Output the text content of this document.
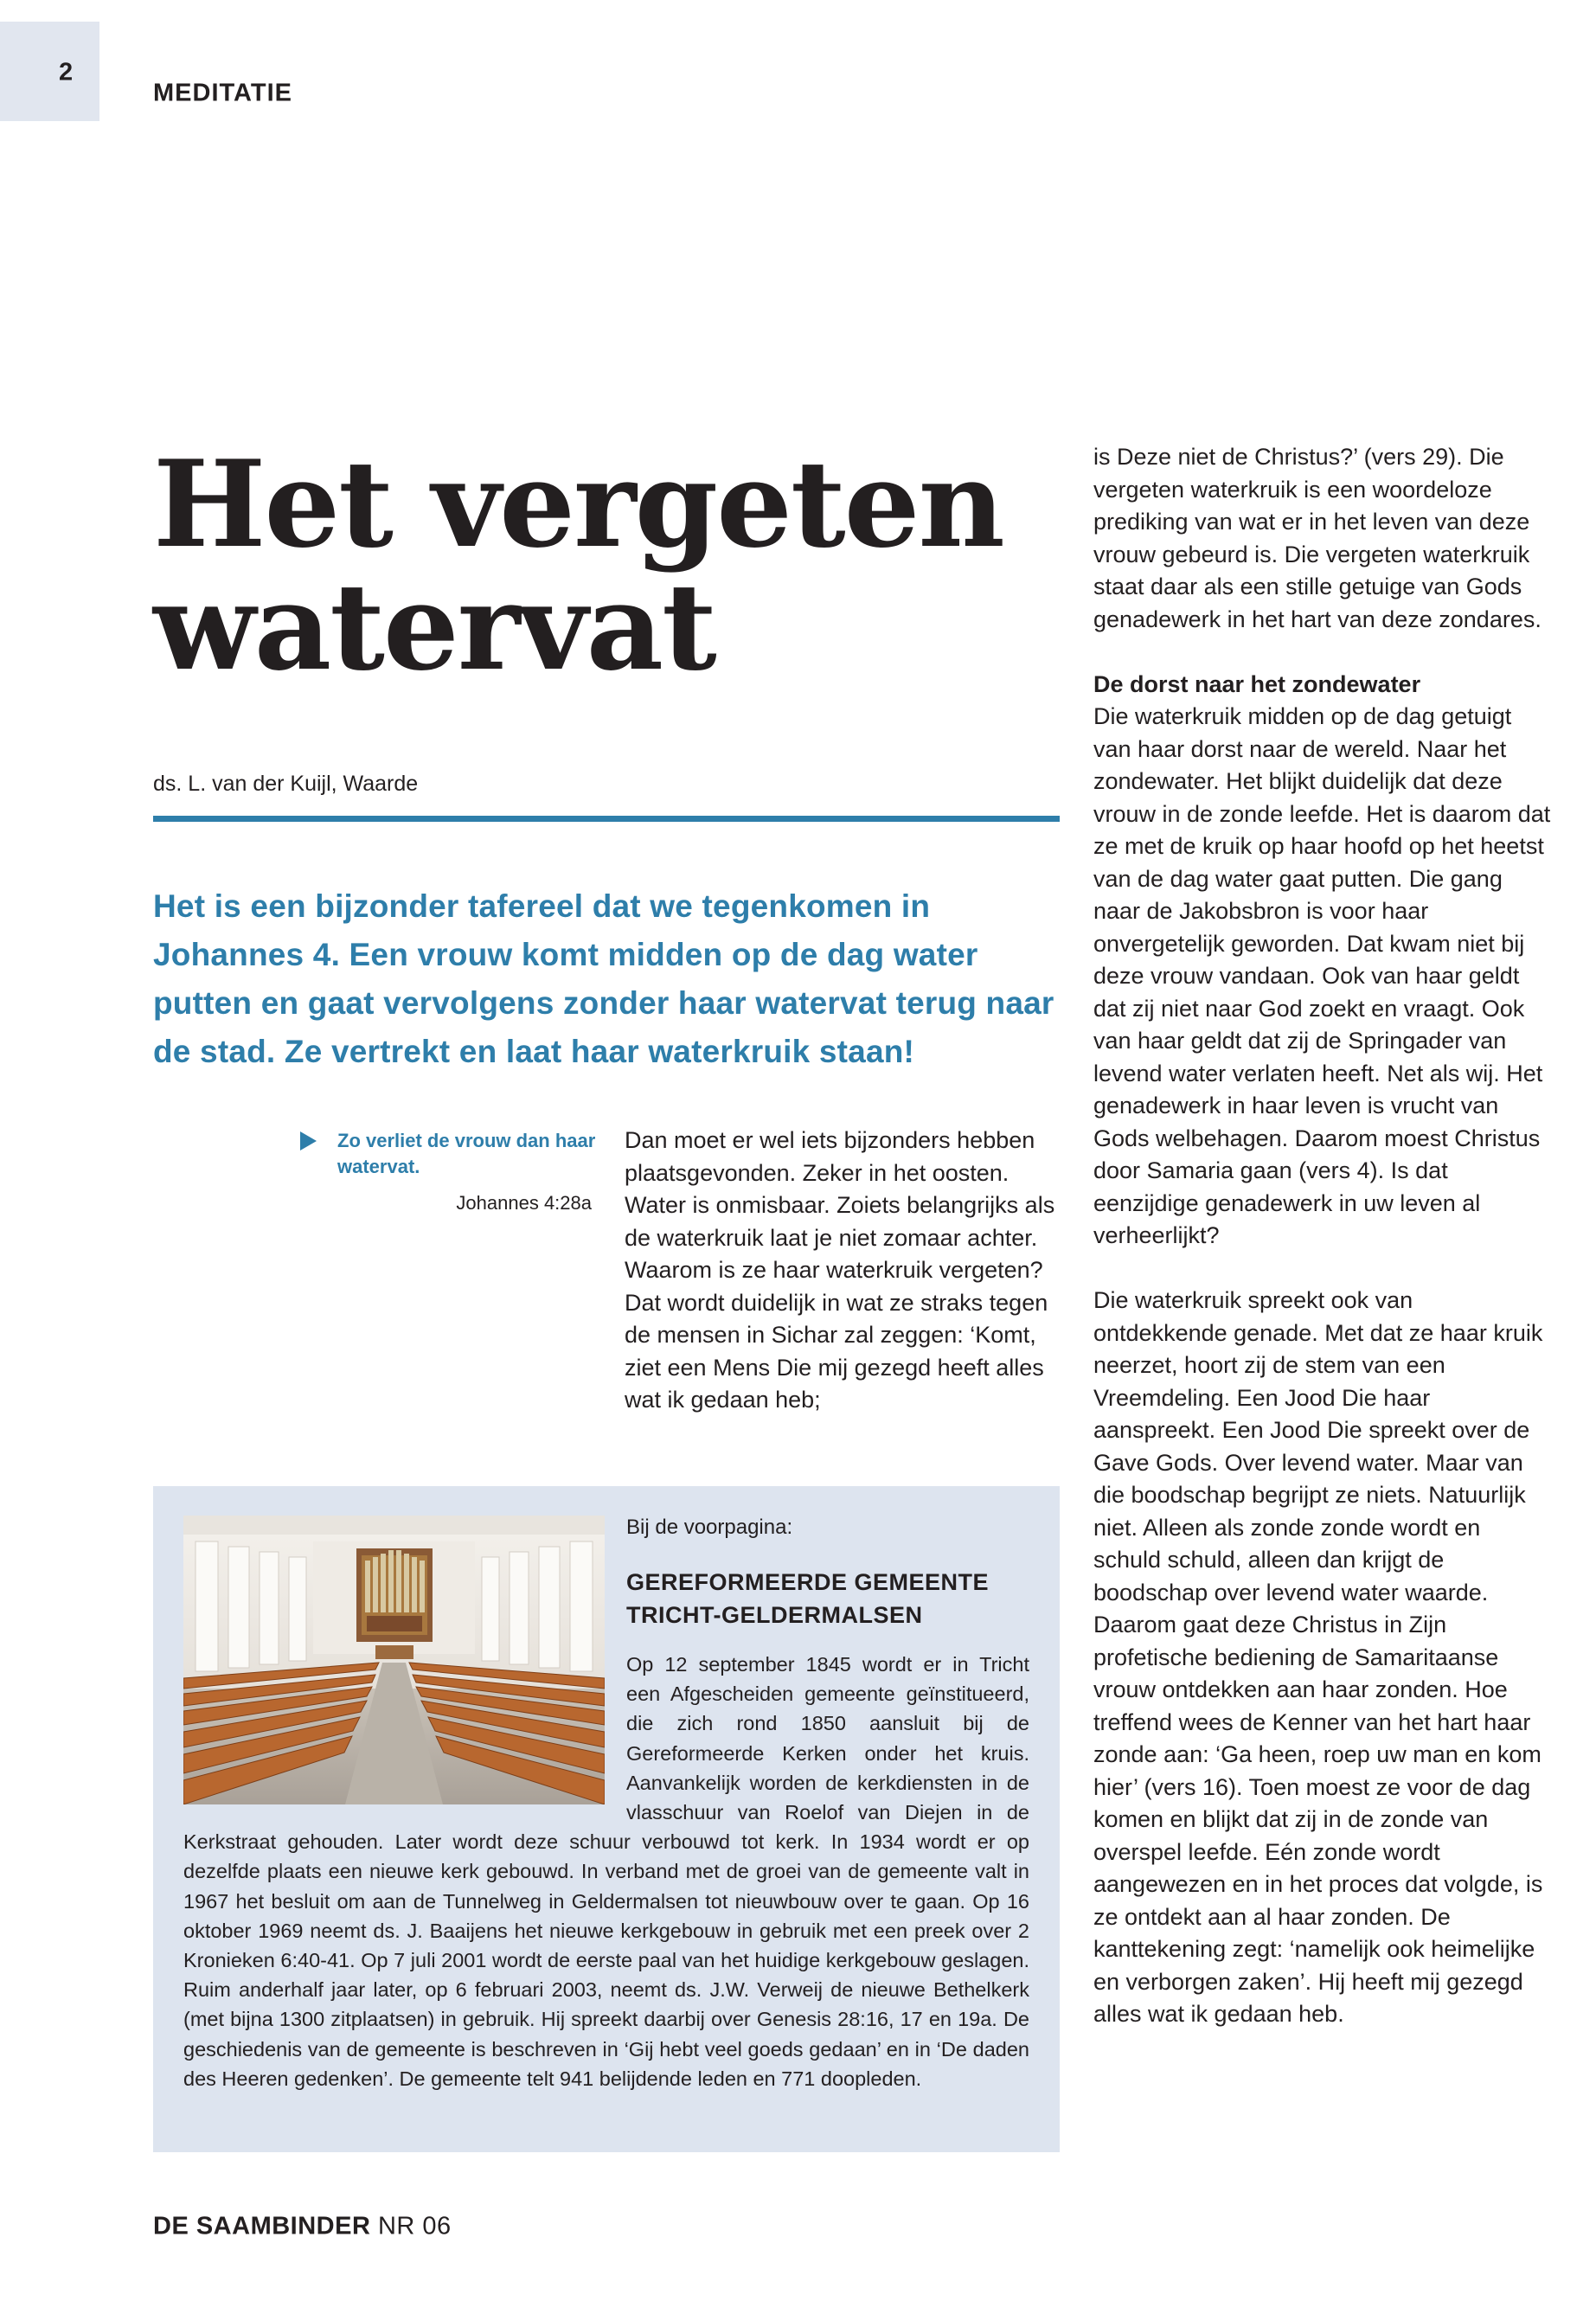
2
MEDITATIE
Het vergeten
watervat
ds. L. van der Kuijl, Waarde
Het is een bijzonder tafereel dat we tegenkomen in Johannes 4. Een vrouw komt midden op de dag water putten en gaat vervolgens zonder haar watervat terug naar de stad. Ze vertrekt en laat haar waterkruik staan!
Zo verliet de vrouw dan haar watervat.
Johannes 4:28a

Dan moet er wel iets bijzonders hebben plaatsgevonden. Zeker in het oosten. Water is onmisbaar. Zoiets belangrijks als de waterkruik laat je niet zomaar achter.

Waarom is ze haar waterkruik vergeten? Dat wordt duidelijk in wat ze straks tegen de mensen in Sichar zal zeggen: ‘Komt, ziet een Mens Die mij gezegd heeft alles wat ik gedaan heb;

is Deze niet de Christus?’ (vers 29). Die vergeten waterkruik is een woordeloze prediking van wat er in het leven van deze vrouw gebeurd is. Die vergeten waterkruik staat daar als een stille getuige van Gods genadewerk in het hart van deze zondares.

De dorst naar het zondewater

Die waterkruik midden op de dag getuigt van haar dorst naar de wereld. Naar het zondewater. Het blijkt duidelijk dat deze vrouw in de zonde leefde. Het is daarom dat ze met de kruik op haar hoofd op het heetst van de dag water gaat putten. Die gang naar de Jakobsbron is voor haar onvergetelijk geworden. Dat kwam niet bij deze vrouw vandaan. Ook van haar geldt dat zij niet naar God zoekt en vraagt. Ook van haar geldt dat zij de Springader van levend water verlaten heeft. Net als wij. Het genadewerk in haar leven is vrucht van Gods welbehagen. Daarom moest Christus door Samaria gaan (vers 4). Is dat eenzijdige genadewerk in uw leven al verheerlijkt?

Die waterkruik spreekt ook van ontdekkende genade. Met dat ze haar kruik neerzet, hoort zij de stem van een Vreemdeling. Een Jood Die haar aanspreekt. Een Jood Die spreekt over de Gave Gods. Over levend water. Maar van die boodschap begrijpt ze niets. Natuurlijk niet. Alleen als zonde zonde wordt en schuld schuld, alleen dan krijgt de boodschap over levend water waarde. Daarom gaat deze Christus in Zijn profetische bediening de Samaritaanse vrouw ontdekken aan haar zonden. Hoe treffend wees de Kenner van het hart haar zonde aan: ‘Ga heen, roep uw man en kom hier’ (vers 16). Toen moest ze voor de dag komen en blijkt dat zij in de zonde van overspel leefde. Eén zonde wordt aangewezen en in het proces dat volgde, is ze ontdekt aan al haar zonden. De kanttekening zegt: ‘namelijk ook heimelijke en verborgen zaken’. Hij heeft mij gezegd alles wat ik gedaan heb.

Bij de voorpagina:
GEREFORMEERDE GEMEENTE TRICHT-GELDERMALSEN
Op 12 september 1845 wordt er in Tricht een Afgescheiden gemeente geïnstitueerd, die zich rond 1850 aansluit bij de Gereformeerde Kerken onder het kruis. Aanvankelijk worden de kerkdiensten in de vlasschuur van Roelof van Diejen in de Kerkstraat gehouden. Later wordt deze schuur verbouwd tot kerk. In 1934 wordt er op dezelfde plaats een nieuwe kerk gebouwd. In verband met de groei van de gemeente valt in 1967 het besluit om aan de Tunnelweg in Geldermalsen tot nieuwbouw over te gaan. Op 16 oktober 1969 neemt ds. J. Baaijens het nieuwe kerkgebouw in gebruik met een preek over 2 Kronieken 6:40-41. Op 7 juli 2001 wordt de eerste paal van het huidige kerkgebouw geslagen. Ruim anderhalf jaar later, op 6 februari 2003, neemt ds. J.W. Verweij de nieuwe Bethelkerk (met bijna 1300 zitplaatsen) in gebruik. Hij spreekt daarbij over Genesis 28:16, 17 en 19a. De geschiedenis van de gemeente is beschreven in ‘Gij hebt veel goeds gedaan’ en in ‘De daden des Heeren gedenken’. De gemeente telt 941 belijdende leden en 771 doopleden.
DE SAAMBINDER NR 06
